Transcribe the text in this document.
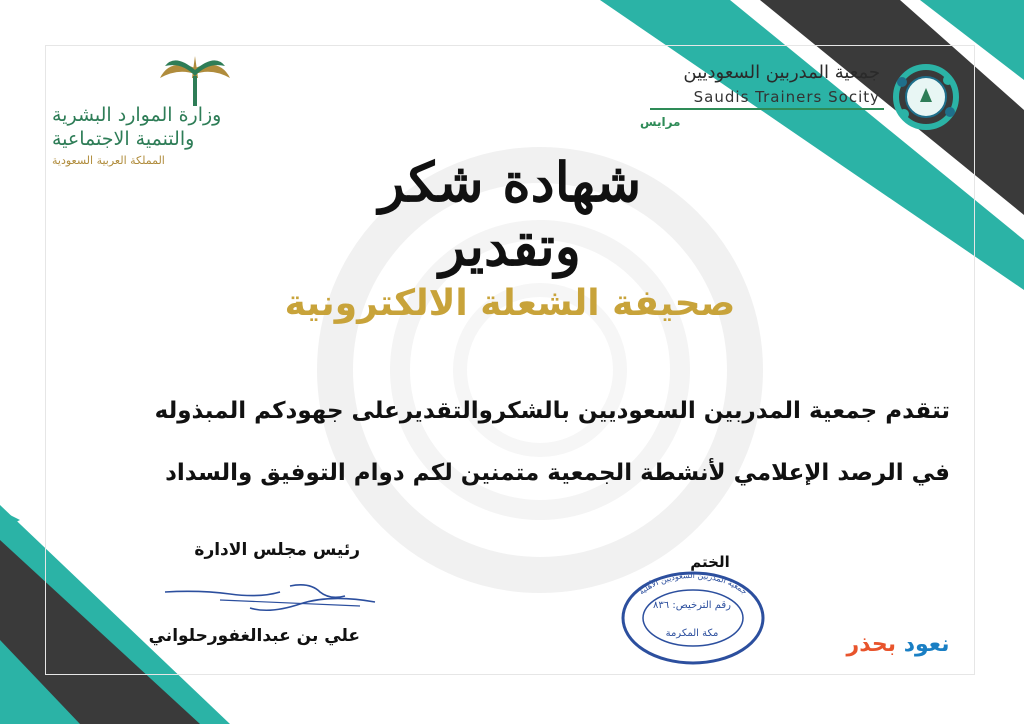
وزارة الموارد البشرية
والتنمية الاجتماعية
المملكة العربية السعودية
جمعية المدربين السعوديين
Saudis Trainers Socity
مرايس
شهادة شكر وتقدير
صحيفة الشعلة الالكترونية
تتقدم جمعية المدربين السعوديين بالشكروالتقديرعلى جهودكم المبذوله
في الرصد الإعلامي لأنشطة الجمعية متمنين لكم دوام التوفيق والسداد
رئيس مجلس الادارة
علي بن عبدالغفورحلواني
الختم
جمعية المدربين السعوديين الأهلية
رقم الترخيص: ٨٣٦
مكة المكرمة	نعود بحذر
